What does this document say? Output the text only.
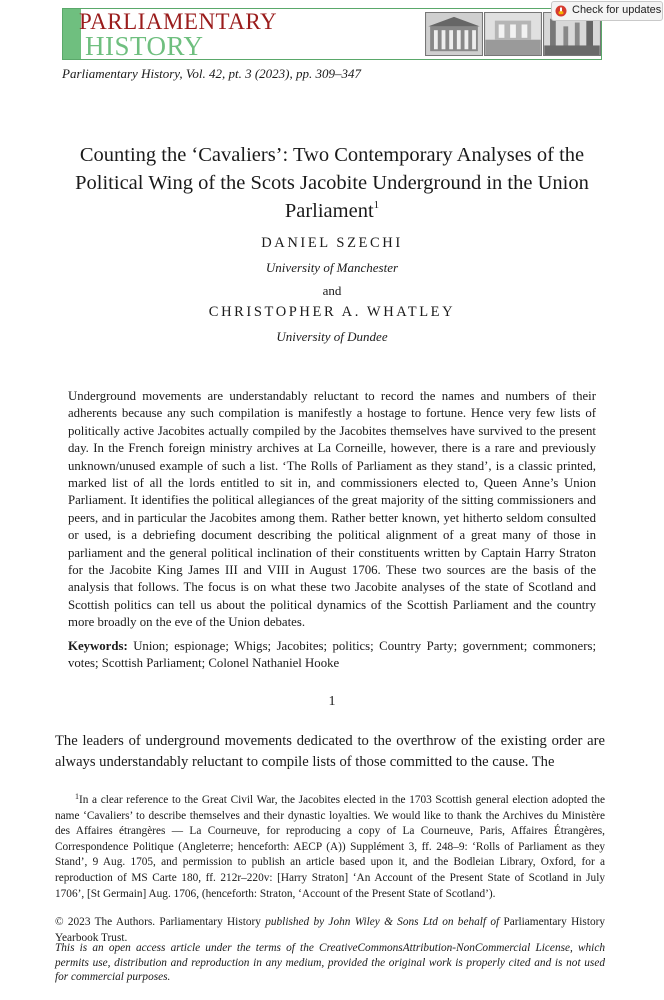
PARLIAMENTARY
HISTORY
Check for updates
Parliamentary History, Vol. 42, pt. 3 (2023), pp. 309–347
Counting the ‘Cavaliers’: Two Contemporary Analyses of the Political Wing of the Scots Jacobite Underground in the Union Parliament$^1$
DANIEL SZECHI
University of Manchester
and
CHRISTOPHER A. WHATLEY
University of Dundee
Underground movements are understandably reluctant to record the names and numbers of their adherents because any such compilation is manifestly a hostage to fortune. Hence very few lists of politically active Jacobites actually compiled by the Jacobites themselves have survived to the present day. In the French foreign ministry archives at La Corneille, however, there is a rare and previously unknown/unused example of such a list. ‘The Rolls of Parliament as they stand’, is a classic printed, marked list of all the lords entitled to sit in, and commissioners elected to, Queen Anne’s Union Parliament. It identifies the political allegiances of the great majority of the sitting commissioners and peers, and in particular the Jacobites among them. Rather better known, yet hitherto seldom consulted or used, is a debriefing document describing the political alignment of a great many of those in parliament and the general political inclination of their constituents written by Captain Harry Straton for the Jacobite King James III and VIII in August 1706. These two sources are the basis of the analysis that follows. The focus is on what these two Jacobite analyses of the state of Scotland and Scottish politics can tell us about the political dynamics of the Scottish Parliament and the country more broadly on the eve of the Union debates.
Keywords: Union; espionage; Whigs; Jacobites; politics; Country Party; government; commoners; votes; Scottish Parliament; Colonel Nathaniel Hooke
1
The leaders of underground movements dedicated to the overthrow of the existing order are always understandably reluctant to compile lists of those committed to the cause. The
$^1$In a clear reference to the Great Civil War, the Jacobites elected in the 1703 Scottish general election adopted the name ‘Cavaliers’ to describe themselves and their dynastic loyalties. We would like to thank the Archives du Ministère des Affaires étrangères — La Courneuve, for reproducing a copy of La Courneuve, Paris, Affaires Étrangères, Correspondence Politique (Angleterre; henceforth: AECP (A)) Supplément 3, ff. 248–9: ‘Rolls of Parliament as they Stand’, 9 Aug. 1705, and permission to publish an article based upon it, and the Bodleian Library, Oxford, for a reproduction of MS Carte 180, ff. 212r–220v: [Harry Straton] ‘An Account of the Present State of Scotland in July 1706’, [St Germain] Aug. 1706, (henceforth: Straton, ‘Account of the Present State of Scotland’).
© 2023 The Authors. Parliamentary History published by John Wiley & Sons Ltd on behalf of Parliamentary History Yearbook Trust.
This is an open access article under the terms of the CreativeCommonsAttribution-NonCommercial License, which permits use, distribution and reproduction in any medium, provided the original work is properly cited and is not used for commercial purposes.
